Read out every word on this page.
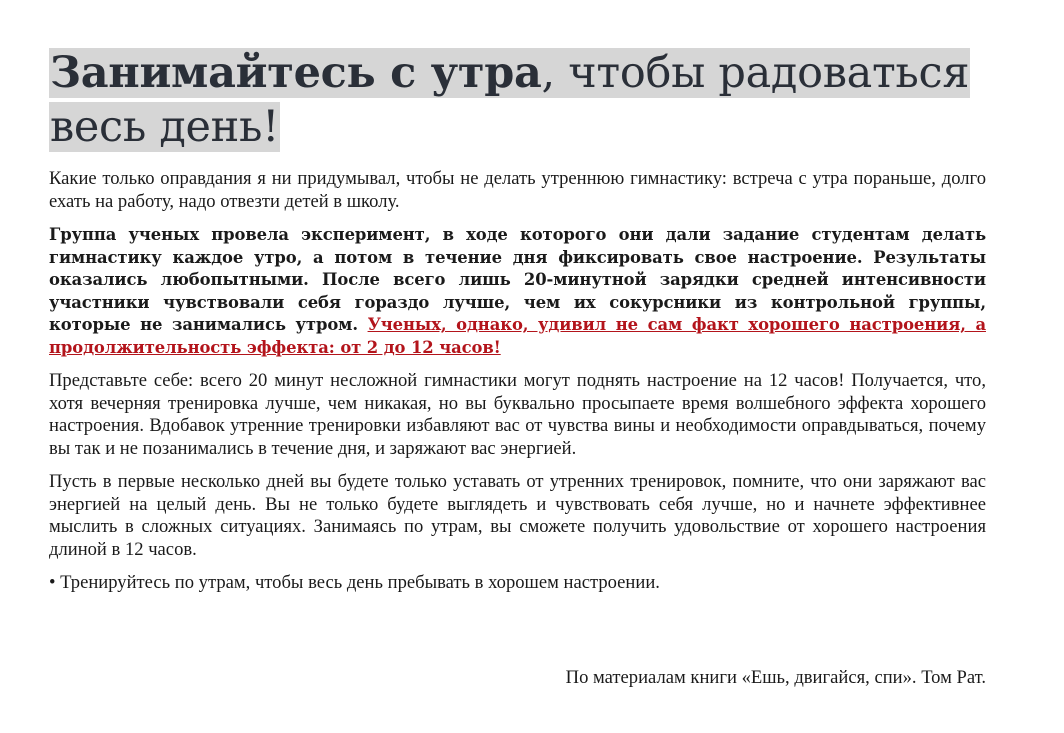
Занимайтесь с утра, чтобы радоваться весь день!

Какие только оправдания я ни придумывал, чтобы не делать утреннюю гимнастику: встреча с утра пораньше, долго ехать на работу, надо отвезти детей в школу.

Группа ученых провела эксперимент, в ходе которого они дали задание студентам делать гимнастику каждое утро, а потом в течение дня фиксировать свое настроение. Результаты оказались любопытными. После всего лишь 20-минутной зарядки средней интенсивности участники чувствовали себя гораздо лучше, чем их сокурсники из контрольной группы, которые не занимались утром. Ученых, однако, удивил не сам факт хорошего настроения, а продолжительность эффекта: от 2 до 12 часов!

Представьте себе: всего 20 минут несложной гимнастики могут поднять настроение на 12 часов! Получается, что, хотя вечерняя тренировка лучше, чем никакая, но вы буквально просыпаете время волшебного эффекта хорошего настроения. Вдобавок утренние тренировки избавляют вас от чувства вины и необходимости оправдываться, почему вы так и не позанимались в течение дня, и заряжают вас энергией.

Пусть в первые несколько дней вы будете только уставать от утренних тренировок, помните, что они заряжают вас энергией на целый день. Вы не только будете выглядеть и чувствовать себя лучше, но и начнете эффективнее мыслить в сложных ситуациях. Занимаясь по утрам, вы сможете получить удовольствие от хорошего настроения длиной в 12 часов.

• Тренируйтесь по утрам, чтобы весь день пребывать в хорошем настроении.

По материалам книги «Ешь, двигайся, спи». Том Рат.
